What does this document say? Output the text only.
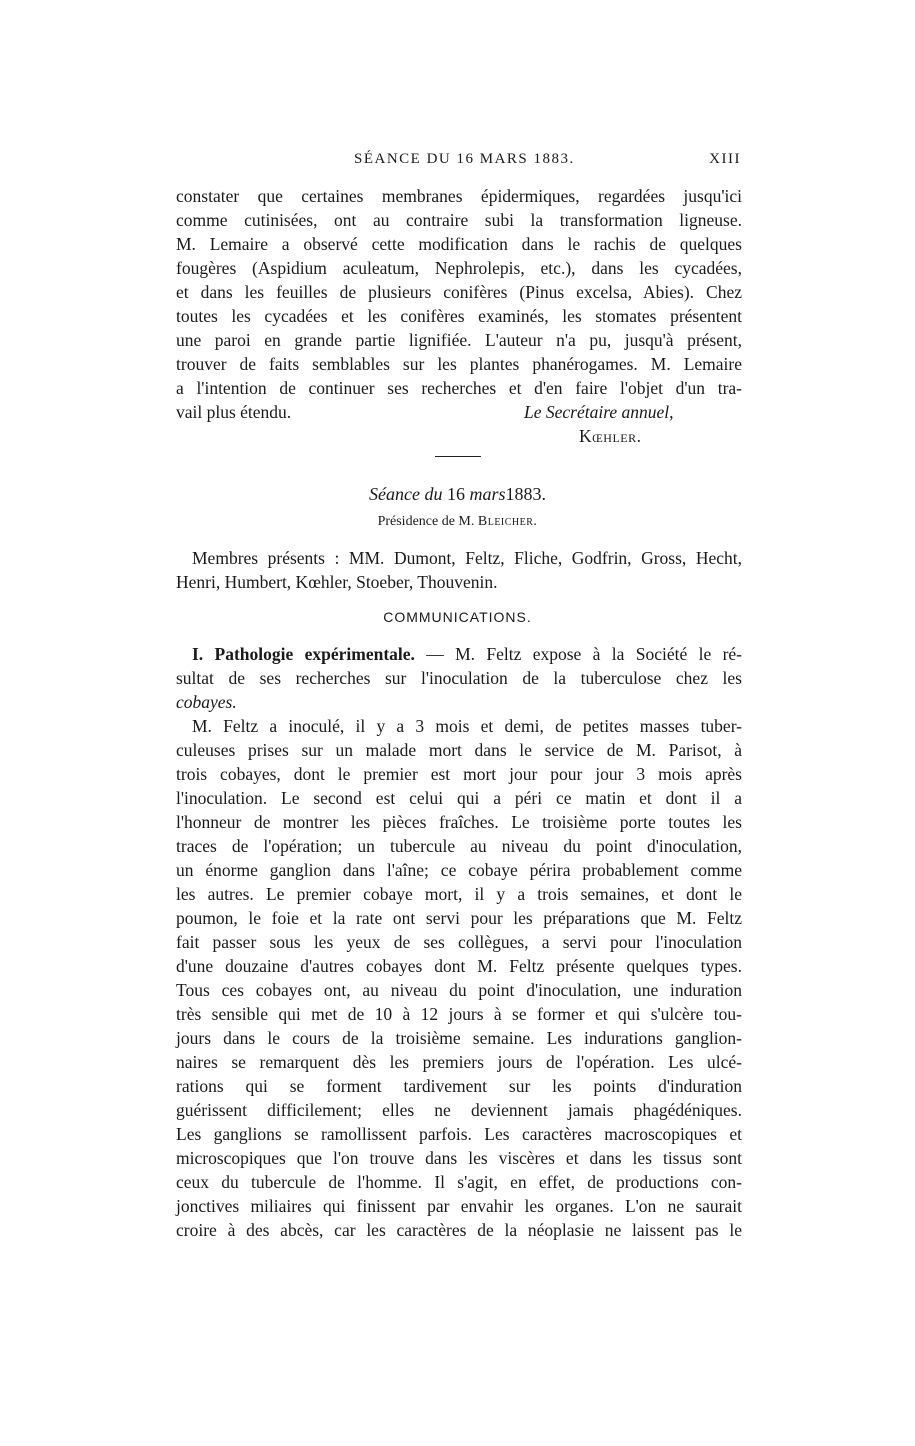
SÉANCE DU 16 MARS 1883.	XIII
constater que certaines membranes épidermiques, regardées jusqu'ici
comme cutinisées, ont au contraire subi la transformation ligneuse.
M. Lemaire a observé cette modification dans le rachis de quelques
fougères (Aspidium aculeatum, Nephrolepis, etc.), dans les cycadées,
et dans les feuilles de plusieurs conifères (Pinus excelsa, Abies). Chez
toutes les cycadées et les conifères examinés, les stomates présentent
une paroi en grande partie lignifiée. L'auteur n'a pu, jusqu'à présent,
trouver de faits semblables sur les plantes phanérogames. M. Lemaire
a l'intention de continuer ses recherches et d'en faire l'objet d'un tra-
vail plus étendu.	Le Secrétaire annuel,
Kœhler.
Séance du 16 mars1883.
Présidence de M. Bleicher.
Membres présents : MM. Dumont, Feltz, Fliche, Godfrin, Gross, Hecht,
Henri, Humbert, Kœhler, Stoeber, Thouvenin.
COMMUNICATIONS.
I. Pathologie expérimentale. — M. Feltz expose à la Société le ré-
sultat de ses recherches sur l'inoculation de la tuberculose chez les
cobayes.
M. Feltz a inoculé, il y a 3 mois et demi, de petites masses tuber-
culeuses prises sur un malade mort dans le service de M. Parisot, à
trois cobayes, dont le premier est mort jour pour jour 3 mois après
l'inoculation. Le second est celui qui a péri ce matin et dont il a
l'honneur de montrer les pièces fraîches. Le troisième porte toutes les
traces de l'opération; un tubercule au niveau du point d'inoculation,
un énorme ganglion dans l'aîne; ce cobaye périra probablement comme
les autres. Le premier cobaye mort, il y a trois semaines, et dont le
poumon, le foie et la rate ont servi pour les préparations que M. Feltz
fait passer sous les yeux de ses collègues, a servi pour l'inoculation
d'une douzaine d'autres cobayes dont M. Feltz présente quelques types.
Tous ces cobayes ont, au niveau du point d'inoculation, une induration
très sensible qui met de 10 à 12 jours à se former et qui s'ulcère tou-
jours dans le cours de la troisième semaine. Les indurations ganglion-
naires se remarquent dès les premiers jours de l'opération. Les ulcé-
rations qui se forment tardivement sur les points d'induration
guérissent difficilement; elles ne deviennent jamais phagédéniques.
Les ganglions se ramollissent parfois. Les caractères macroscopiques et
microscopiques que l'on trouve dans les viscères et dans les tissus sont
ceux du tubercule de l'homme. Il s'agit, en effet, de productions con-
jonctives miliaires qui finissent par envahir les organes. L'on ne saurait
croire à des abcès, car les caractères de la néoplasie ne laissent pas le
